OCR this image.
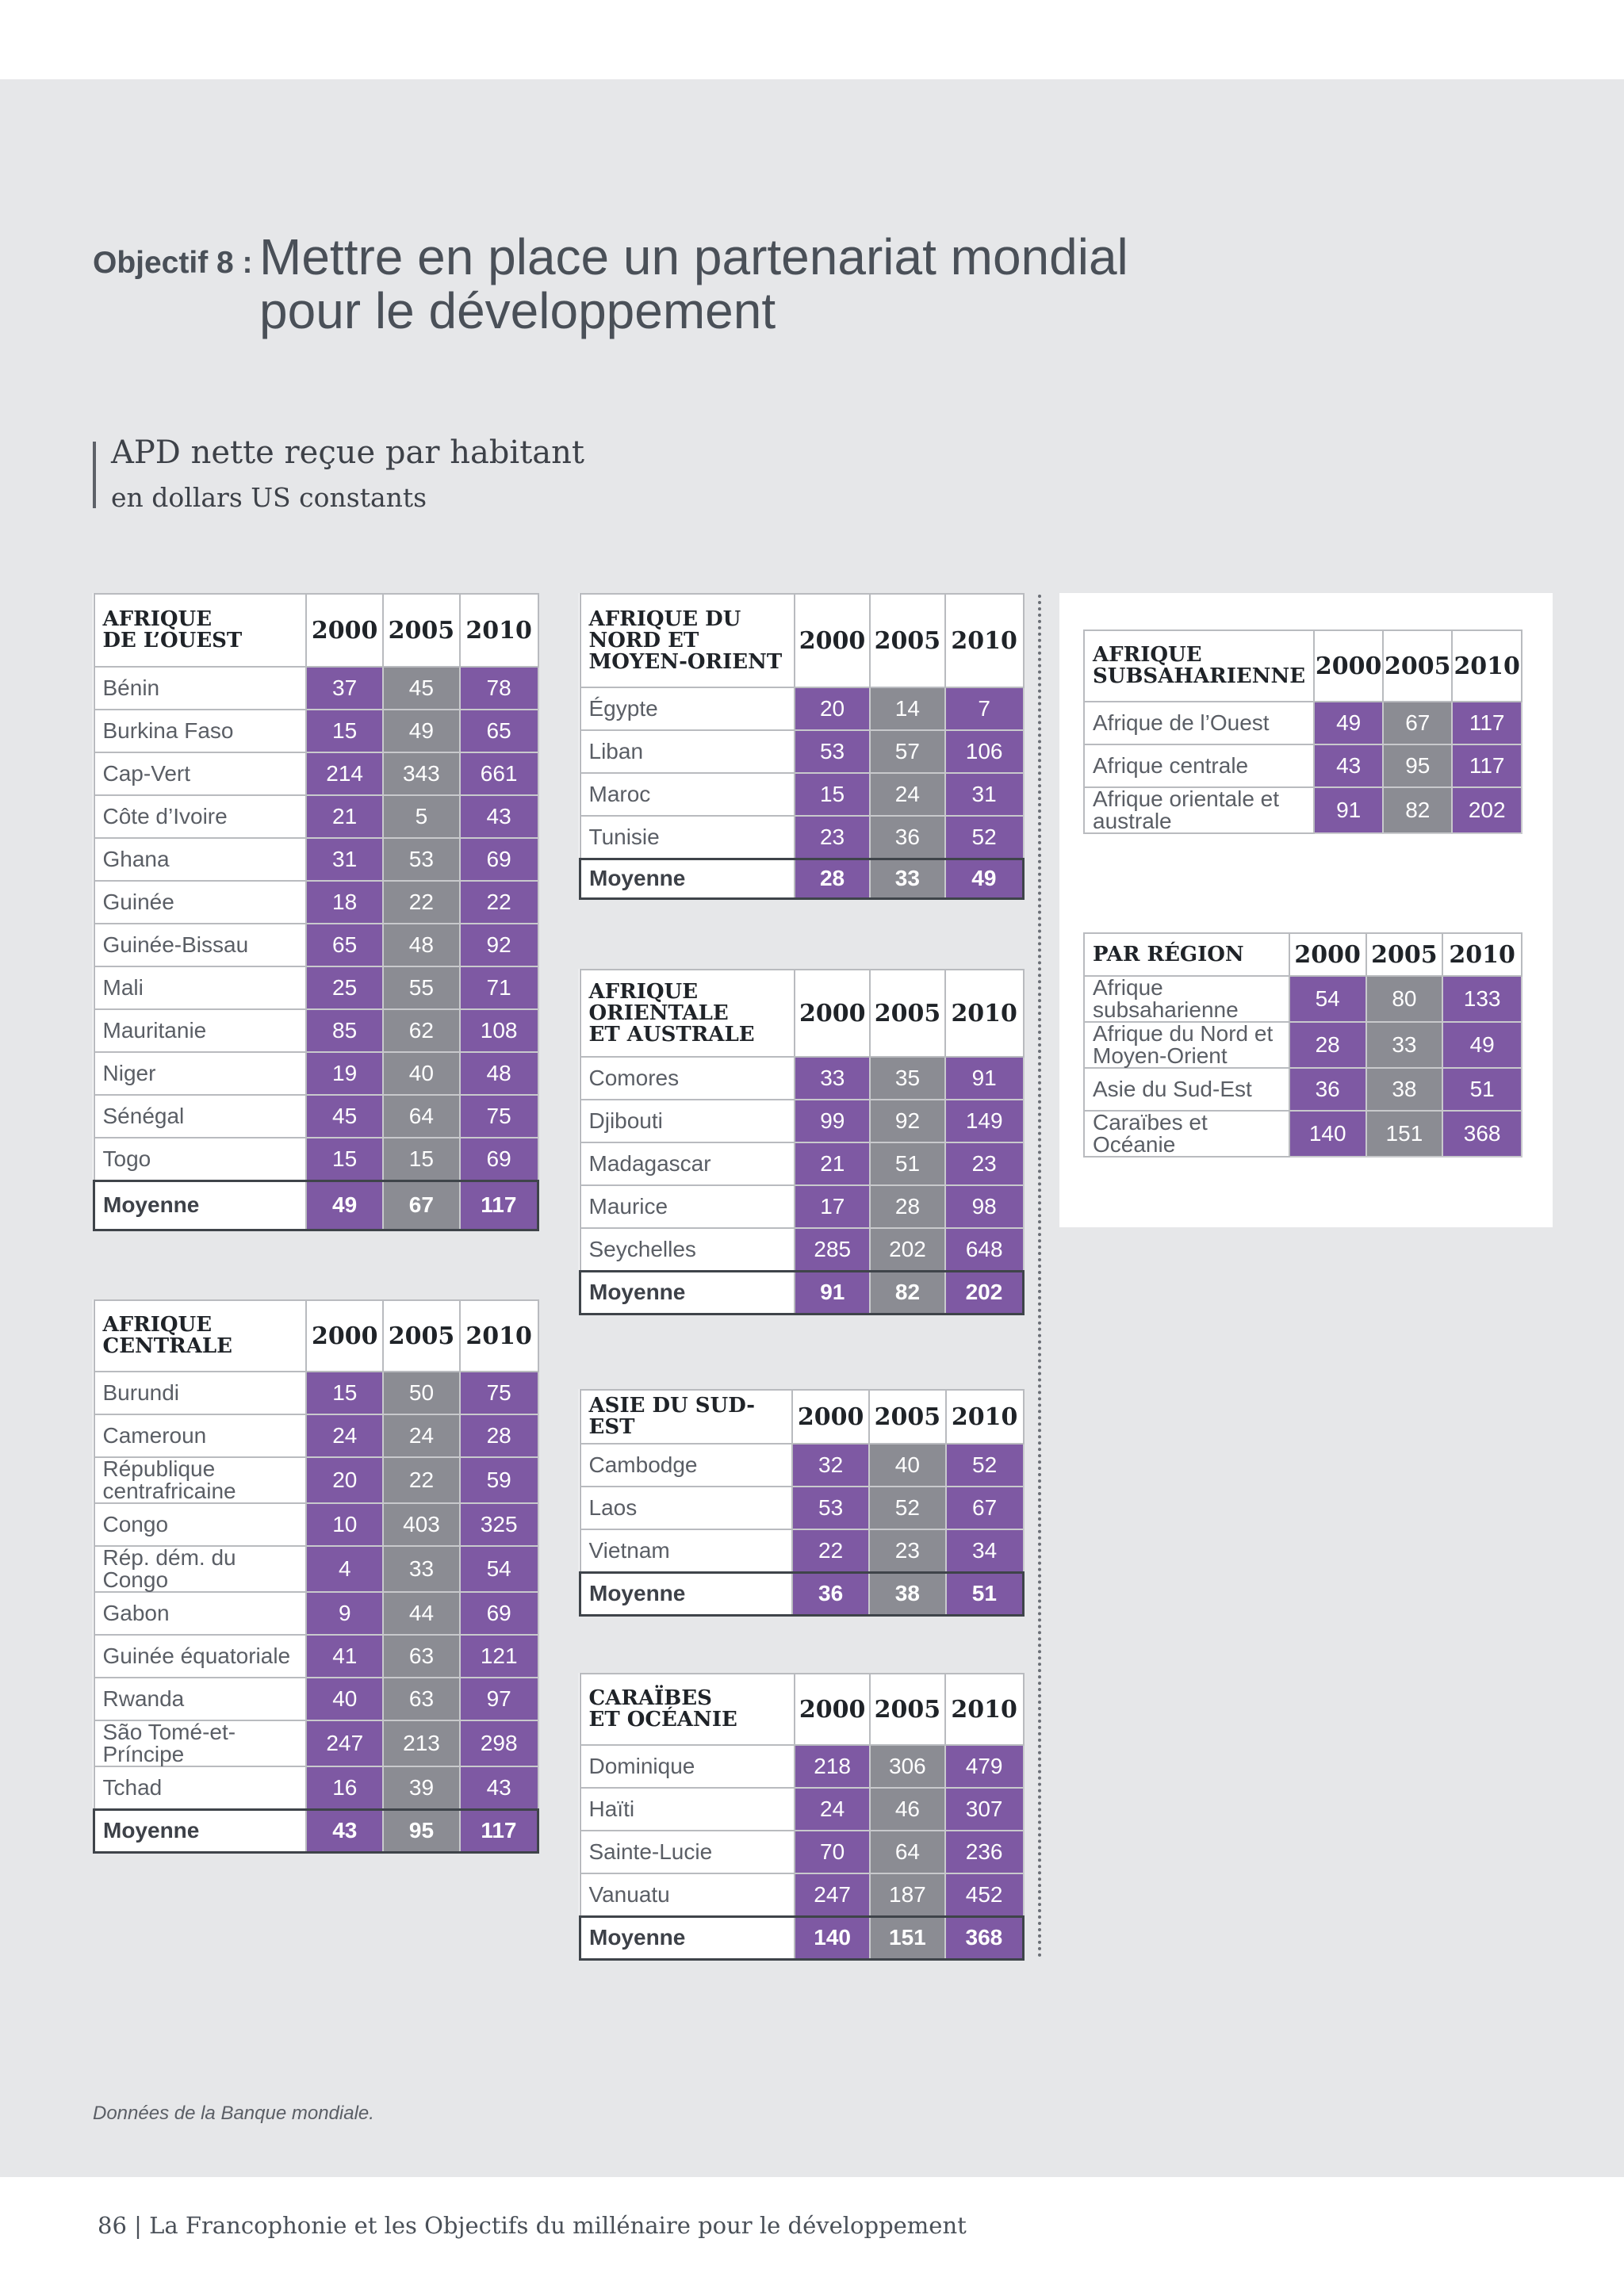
Objectif 8 : Mettre en place un partenariat mondial
pour le développement
APD nette reçue par habitant
en dollars US constants
AFRIQUE
DE L’OUEST	2000	2005	2010
Bénin	37	45	78
Burkina Faso	15	49	65
Cap-Vert	214	343	661
Côte d’Ivoire	21	5	43
Ghana	31	53	69
Guinée	18	22	22
Guinée-Bissau	65	48	92
Mali	25	55	71
Mauritanie	85	62	108
Niger	19	40	48
Sénégal	45	64	75
Togo	15	15	69
Moyenne	49	67	117
AFRIQUE
CENTRALE	2000	2005	2010
Burundi	15	50	75
Cameroun	24	24	28
République centrafricaine	20	22	59
Congo	10	403	325
Rép. dém. du Congo	4	33	54
Gabon	9	44	69
Guinée équatoriale	41	63	121
Rwanda	40	63	97
São Tomé-et-Príncipe	247	213	298
Tchad	16	39	43
Moyenne	43	95	117
AFRIQUE DU
NORD ET
MOYEN-ORIENT	2000	2005	2010
Égypte	20	14	7
Liban	53	57	106
Maroc	15	24	31
Tunisie	23	36	52
Moyenne	28	33	49
AFRIQUE
ORIENTALE
ET AUSTRALE	2000	2005	2010
Comores	33	35	91
Djibouti	99	92	149
Madagascar	21	51	23
Maurice	17	28	98
Seychelles	285	202	648
Moyenne	91	82	202
ASIE DU SUD-EST	2000	2005	2010
Cambodge	32	40	52
Laos	53	52	67
Vietnam	22	23	34
Moyenne	36	38	51
CARAÏBES
ET OCÉANIE	2000	2005	2010
Dominique	218	306	479
Haïti	24	46	307
Sainte-Lucie	70	64	236
Vanuatu	247	187	452
Moyenne	140	151	368
AFRIQUE
SUBSAHARIENNE	2000	2005	2010
Afrique de l’Ouest	49	67	117
Afrique centrale	43	95	117
Afrique orientale et australe	91	82	202
PAR RÉGION	2000	2005	2010
Afrique subsaharienne	54	80	133
Afrique du Nord et Moyen-Orient	28	33	49
Asie du Sud-Est	36	38	51
Caraïbes et Océanie	140	151	368
Données de la Banque mondiale.
86 | La Francophonie et les Objectifs du millénaire pour le développement
